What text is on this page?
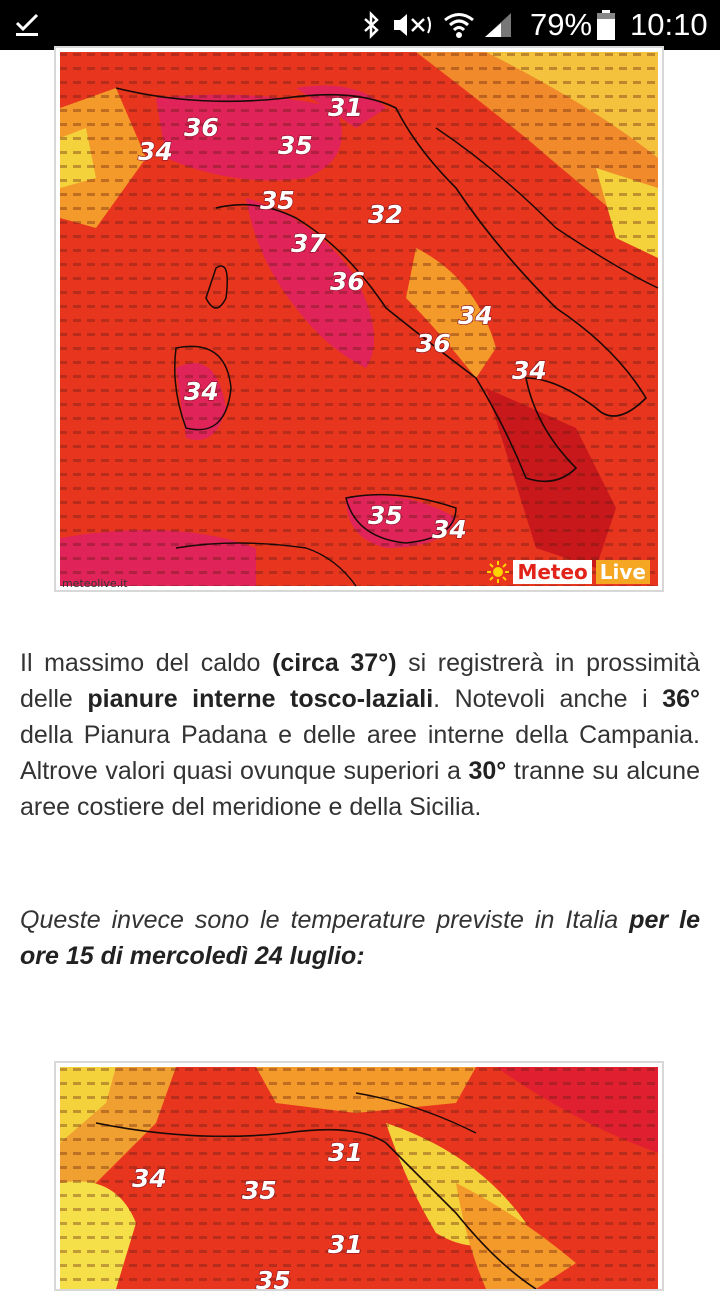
79% 10:10
31
36
34	35
35	32
37
36
34
36
34
34
35 34
Meteo Live
meteolive.it

Il massimo del caldo (circa 37°) si registrerà in prossimità delle pianure interne tosco-laziali. Notevoli anche i 36° della Pianura Padana e delle aree interne della Campania. Altrove valori quasi ovunque superiori a 30° tranne su alcune aree costiere del meridione e della Sicilia.

Queste invece sono le temperature previste in Italia per le ore 15 di mercoledì 24 luglio:

31
34	35
31
35
